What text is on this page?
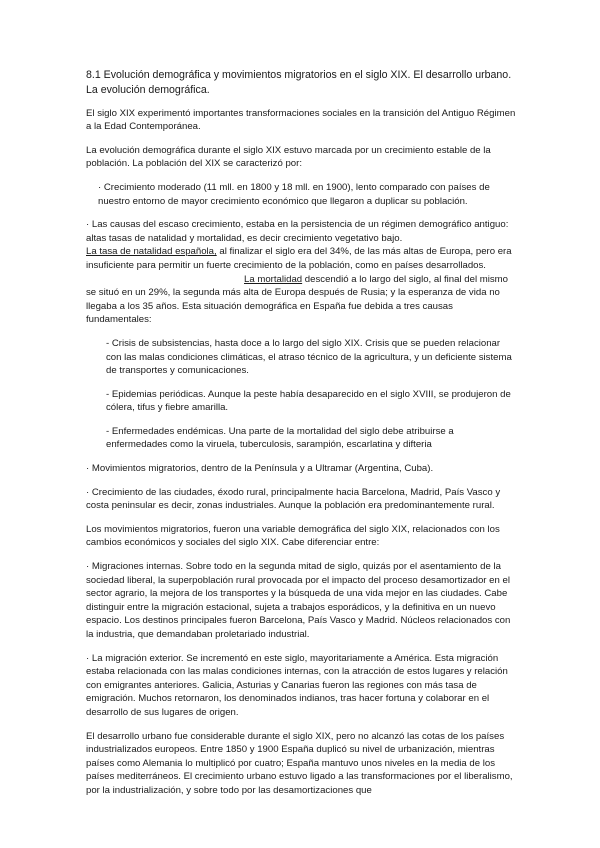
8.1 Evolución demográfica y movimientos migratorios en el siglo XIX. El desarrollo urbano. La evolución demográfica.

El siglo XIX experimentó importantes transformaciones sociales en la transición del Antiguo Régimen a la Edad Contemporánea.

La evolución demográfica durante el siglo XIX estuvo marcada por un crecimiento estable de la población. La población del XIX se caracterizó por:

· Crecimiento moderado (11 mll. en 1800 y 18 mll. en 1900), lento comparado con países de nuestro entorno de mayor crecimiento económico que llegaron a duplicar su población.

· Las causas del escaso crecimiento, estaba en la persistencia de un régimen demográfico antiguo: altas tasas de natalidad y mortalidad, es decir crecimiento vegetativo bajo.
La tasa de natalidad española, al finalizar el siglo era del 34%, de las más altas de Europa, pero era insuficiente para permitir un fuerte crecimiento de la población, como en países desarrollados.La mortalidad descendió a lo largo del siglo, al final del mismo se situó en un 29%, la segunda más alta de Europa después de Rusia; y la esperanza de vida no llegaba a los 35 años. Esta situación demográfica en España fue debida a tres causas fundamentales:

- Crisis de subsistencias, hasta doce a lo largo del siglo XIX. Crisis que se pueden relacionar con las malas condiciones climáticas, el atraso técnico de la agricultura, y un deficiente sistema de transportes y comunicaciones.

- Epidemias periódicas. Aunque la peste había desaparecido en el siglo XVIII, se produjeron de cólera, tifus y fiebre amarilla.

- Enfermedades endémicas. Una parte de la mortalidad del siglo debe atribuirse a enfermedades como la viruela, tuberculosis, sarampión, escarlatina y difteria

· Movimientos migratorios, dentro de la Península y a Ultramar (Argentina, Cuba).

· Crecimiento de las ciudades, éxodo rural, principalmente hacia Barcelona, Madrid, País Vasco y costa peninsular es decir, zonas industriales. Aunque la población era predominantemente rural.

Los movimientos migratorios, fueron una variable demográfica del siglo XIX, relacionados con los cambios económicos y sociales del siglo XIX. Cabe diferenciar entre:

· Migraciones internas. Sobre todo en la segunda mitad de siglo, quizás por el asentamiento de la sociedad liberal, la superpoblación rural provocada por el impacto del proceso desamortizador en el sector agrario, la mejora de los transportes y la búsqueda de una vida mejor en las ciudades. Cabe distinguir entre la migración estacional, sujeta a trabajos esporádicos, y la definitiva en un nuevo espacio. Los destinos principales fueron Barcelona, País Vasco y Madrid. Núcleos relacionados con la industria, que demandaban proletariado industrial.

· La migración exterior. Se incrementó en este siglo, mayoritariamente a América. Esta migración estaba relacionada con las malas condiciones internas, con la atracción de estos lugares y relación con emigrantes anteriores. Galicia, Asturias y Canarias fueron las regiones con más tasa de emigración. Muchos retornaron, los denominados indianos, tras hacer fortuna y colaborar en el desarrollo de sus lugares de origen.

El desarrollo urbano fue considerable durante el siglo XIX, pero no alcanzó las cotas de los países industrializados europeos. Entre 1850 y 1900 España duplicó su nivel de urbanización, mientras países como Alemania lo multiplicó por cuatro; España mantuvo unos niveles en la media de los países mediterráneos. El crecimiento urbano estuvo ligado a las transformaciones por el liberalismo, por la industrialización, y sobre todo por las desamortizaciones que
